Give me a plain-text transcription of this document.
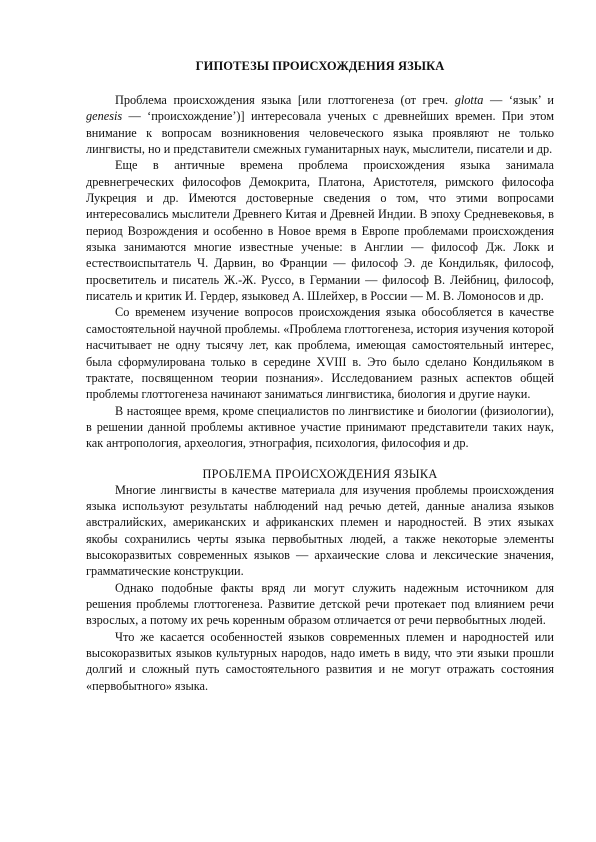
ГИПОТЕЗЫ ПРОИСХОЖДЕНИЯ ЯЗЫКА

Проблема происхождения языка [или глоттогенеза (от греч. glotta — ‘язык’ и genesis — ‘происхождение’)] интересовала ученых с древнейших времен. При этом внимание к вопросам возникновения человеческого языка проявляют не только лингвисты, но и представители смежных гуманитарных наук, мыслители, писатели и др.

Еще в античные времена проблема происхождения языка занимала древнегреческих философов Демокрита, Платона, Аристотеля, римского философа Лукреция и др. Имеются достоверные сведения о том, что этими вопросами интересовались мыслители Древнего Китая и Древней Индии. В эпоху Средневековья, в период Возрождения и особенно в Новое время в Европе проблемами происхождения языка занимаются многие известные ученые: в Англии — философ Дж. Локк и естествоиспытатель Ч. Дарвин, во Франции — философ Э. де Кондильяк, философ, просветитель и писатель Ж.-Ж. Руссо, в Германии — философ В. Лейбниц, философ, писатель и критик И. Гердер, языковед А. Шлейхер, в России — М. В. Ломоносов и др.

Со временем изучение вопросов происхождения языка обособляется в качестве самостоятельной научной проблемы. «Проблема глоттогенеза, история изучения которой насчитывает не одну тысячу лет, как проблема, имеющая самостоятельный интерес, была сформулирована только в середине XVIII в. Это было сделано Кондильяком в трактате, посвященном теории познания». Исследованием разных аспектов общей проблемы глоттогенеза начинают заниматься лингвистика, биология и другие науки.

В настоящее время, кроме специалистов по лингвистике и биологии (физиологии), в решении данной проблемы активное участие принимают представители таких наук, как антропология, археология, этнография, психология, философия и др.

ПРОБЛЕМА ПРОИСХОЖДЕНИЯ ЯЗЫКА

Многие лингвисты в качестве материала для изучения проблемы происхождения языка используют результаты наблюдений над речью детей, данные анализа языков австралийских, американских и африканских племен и народностей. В этих языках якобы сохранились черты языка первобытных людей, а также некоторые элементы высокоразвитых современных языков — архаические слова и лексические значения, грамматические конструкции.

Однако подобные факты вряд ли могут служить надежным источником для решения проблемы глоттогенеза. Развитие детской речи протекает под влиянием речи взрослых, а потому их речь коренным образом отличается от речи первобытных людей.

Что же касается особенностей языков современных племен и народностей или высокоразвитых языков культурных народов, надо иметь в виду, что эти языки прошли долгий и сложный путь самостоятельного развития и не могут отражать состояния «первобытного» языка.
